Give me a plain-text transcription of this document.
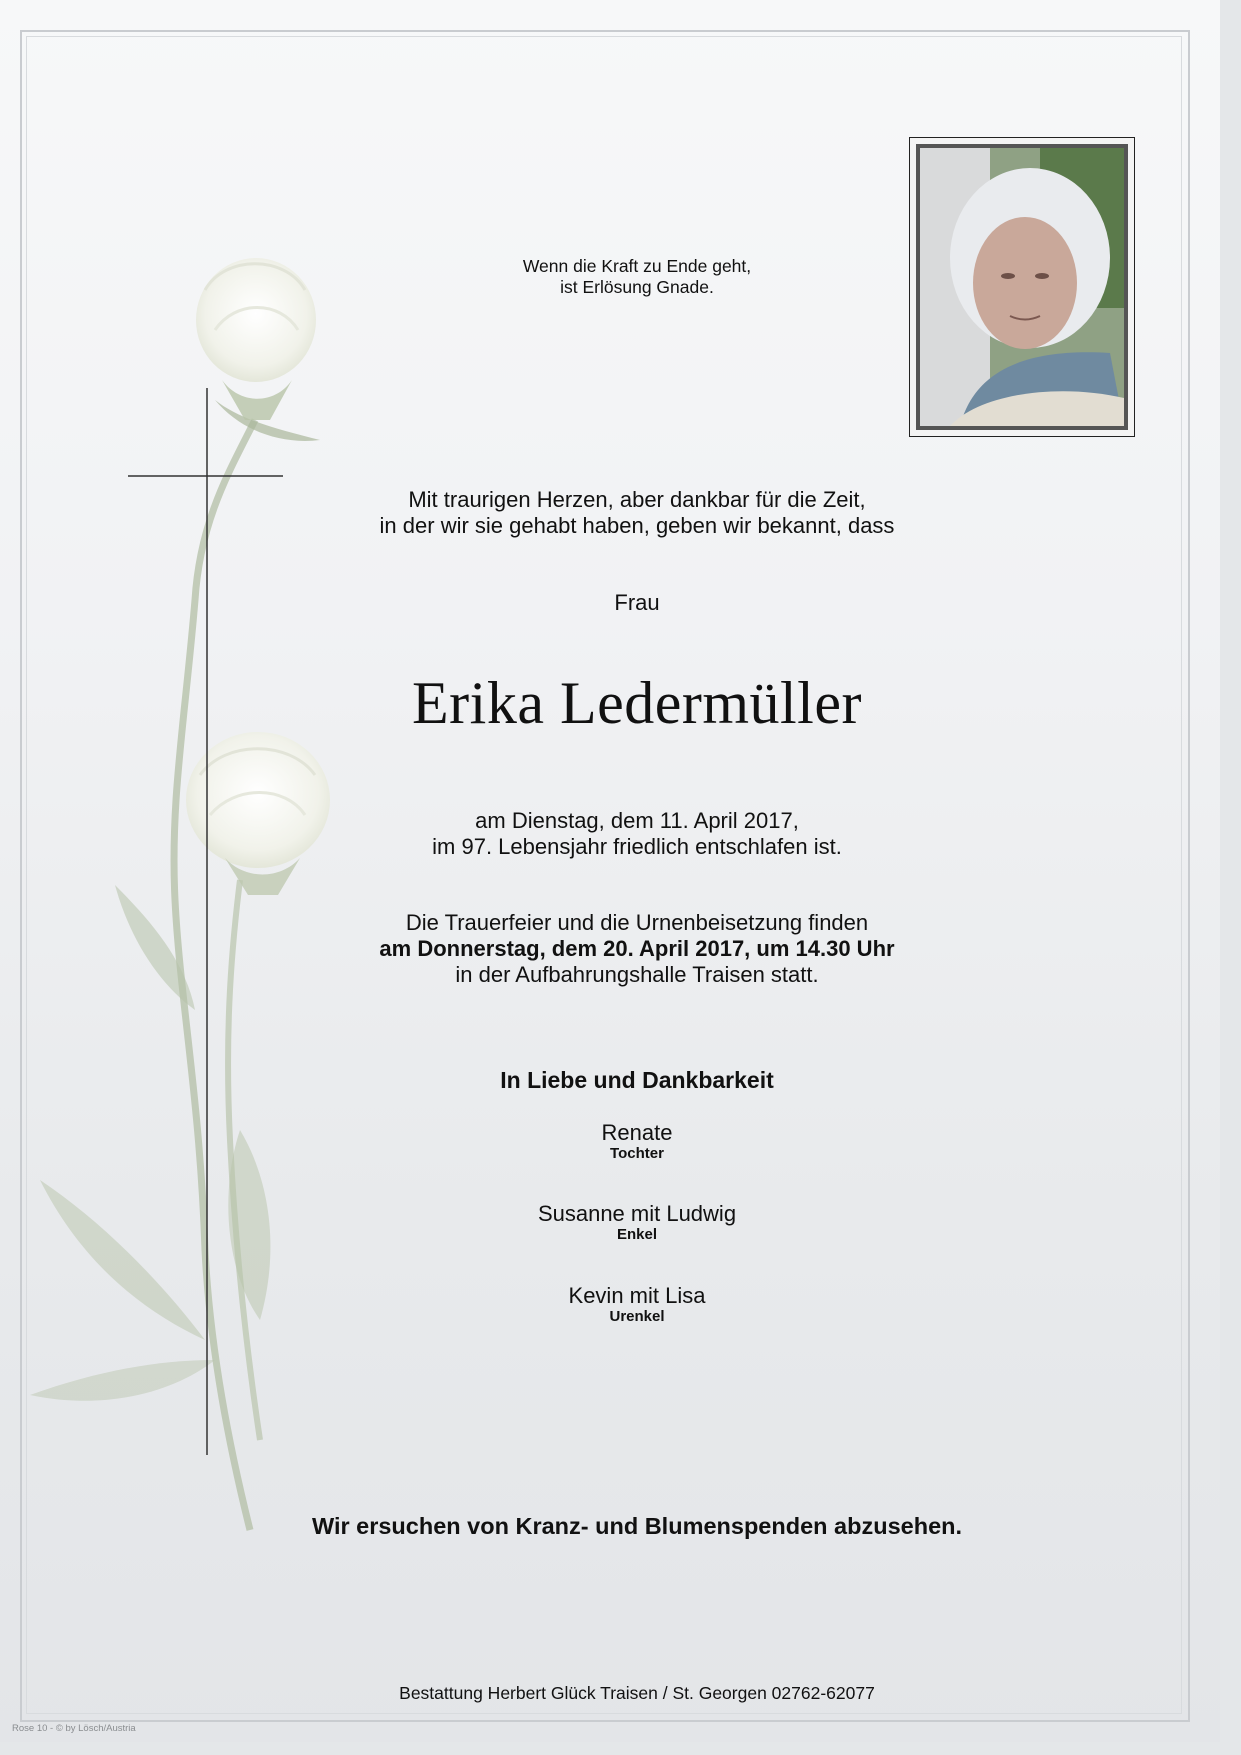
Wenn die Kraft zu Ende geht,

ist Erlösung Gnade.

Mit traurigen Herzen, aber dankbar für die Zeit,

in der wir sie gehabt haben, geben wir bekannt, dass

Frau

Erika Ledermüller

am Dienstag, dem 11. April 2017,

im 97. Lebensjahr friedlich entschlafen ist.

Die Trauerfeier und die Urnenbeisetzung finden

am Donnerstag, dem 20. April 2017, um 14.30 Uhr

in der Aufbahrungshalle Traisen statt.

In Liebe und Dankbarkeit

Renate

Tochter

Susanne mit Ludwig

Enkel

Kevin mit Lisa

Urenkel

Wir ersuchen von Kranz- und Blumenspenden abzusehen.

Bestattung Herbert Glück Traisen / St. Georgen 02762-62077

Rose 10 - © by Lösch/Austria
